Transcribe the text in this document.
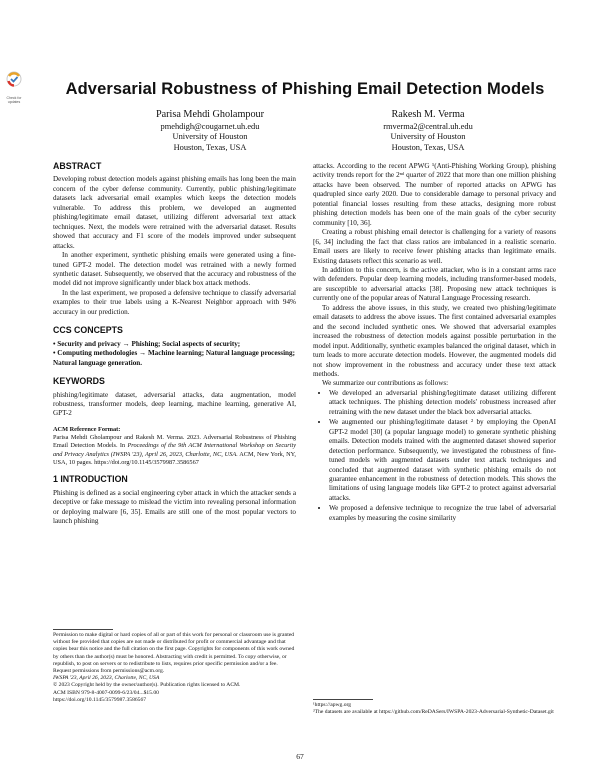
Check for updates
Adversarial Robustness of Phishing Email Detection Models
Parisa Mehdi Gholampour
pmehdigh@cougarnet.uh.edu
University of Houston
Houston, Texas, USA
Rakesh M. Verma
rmverma2@central.uh.edu
University of Houston
Houston, Texas, USA
ABSTRACT

Developing robust detection models against phishing emails has long been the main concern of the cyber defense community. Currently, public phishing/legitimate datasets lack adversarial email examples which keeps the detection models vulnerable. To address this problem, we developed an augmented phishing/legitimate email dataset, utilizing different adversarial text attack techniques. Next, the models were retrained with the adversarial dataset. Results showed that accuracy and F1 score of the models improved under subsequent attacks.

In another experiment, synthetic phishing emails were generated using a fine-tuned GPT-2 model. The detection model was retrained with a newly formed synthetic dataset. Subsequently, we observed that the accuracy and robustness of the model did not improve significantly under black box attack methods.

In the last experiment, we proposed a defensive technique to classify adversarial examples to their true labels using a K-Nearest Neighbor approach with 94% accuracy in our prediction.

CCS CONCEPTS

• Security and privacy → Phishing; Social aspects of security;

• Computing methodologies → Machine learning; Natural language processing; Natural language generation.

KEYWORDS

phishing/legitimate dataset, adversarial attacks, data augmentation, model robustness, transformer models, deep learning, machine learning, generative AI, GPT-2

ACM Reference Format:
Parisa Mehdi Gholampour and Rakesh M. Verma. 2023. Adversarial Robustness of Phishing Email Detection Models. In Proceedings of the 9th ACM International Workshop on Security and Privacy Analytics (IWSPA '23), April 26, 2023, Charlotte, NC, USA. ACM, New York, NY, USA, 10 pages. https://doi.org/10.1145/3579987.3586567
1 INTRODUCTION

Phishing is defined as a social engineering cyber attack in which the attacker sends a deceptive or fake message to mislead the victim into revealing personal information or deploying malware [6, 35]. Emails are still one of the most popular vectors to launch phishing

Permission to make digital or hard copies of all or part of this work for personal or classroom use is granted without fee provided that copies are not made or distributed for profit or commercial advantage and that copies bear this notice and the full citation on the first page. Copyrights for components of this work owned by others than the author(s) must be honored. Abstracting with credit is permitted. To copy otherwise, or republish, to post on servers or to redistribute to lists, requires prior specific permission and/or a fee. Request permissions from permissions@acm.org.
IWSPA '23, April 26, 2023, Charlotte, NC, USA
© 2023 Copyright held by the owner/author(s). Publication rights licensed to ACM.
ACM ISBN 979-8-4007-0099-6/23/04...$15.00
https://doi.org/10.1145/3579987.3586567

attacks. According to the recent APWG ¹(Anti-Phishing Working Group), phishing activity trends report for the 2ⁿᵈ quarter of 2022 that more than one million phishing attacks have been observed. The number of reported attacks on APWG has quadrupled since early 2020. Due to considerable damage to personal privacy and potential financial losses resulting from these attacks, designing more robust phishing detection models has been one of the main goals of the cyber security community [10, 36].

Creating a robust phishing email detector is challenging for a variety of reasons [6, 34] including the fact that class ratios are imbalanced in a realistic scenario. Email users are likely to receive fewer phishing attacks than legitimate emails. Existing datasets reflect this scenario as well.

In addition to this concern, is the active attacker, who is in a constant arms race with defenders. Popular deep learning models, including transformer-based models, are susceptible to adversarial attacks [38]. Proposing new attack techniques is currently one of the popular areas of Natural Language Processing research.

To address the above issues, in this study, we created two phishing/legitimate email datasets to address the above issues. The first contained adversarial examples and the second included synthetic ones. We showed that adversarial examples increased the robustness of detection models against possible perturbation in the model input. Additionally, synthetic examples balanced the original dataset, which in turn leads to more accurate detection models. However, the augmented models did not show improvement in the robustness and accuracy under these text attack methods.

We summarize our contributions as follows:

• We developed an adversarial phishing/legitimate dataset utilizing different attack techniques. The phishing detection models' robustness increased after retraining with the new dataset under the black box adversarial attacks.
• We augmented our phishing/legitimate dataset ² by employing the OpenAI GPT-2 model [30] (a popular language model) to generate synthetic phishing emails. Detection models trained with the augmented dataset showed superior detection performance. Subsequently, we investigated the robustness of fine-tuned models with augmented datasets under text attack techniques and concluded that augmented dataset with synthetic phishing emails do not guarantee enhancement in the robustness of detection models. This shows the limitations of using language models like GPT-2 to protect against adversarial attacks.
• We proposed a defensive technique to recognize the true label of adversarial examples by measuring the cosine similarity
¹https://apwg.org
²The datasets are available at https://github.com/ReDASers/IWSPA-2023-Adversarial-Synthetic-Dataset.git
67
